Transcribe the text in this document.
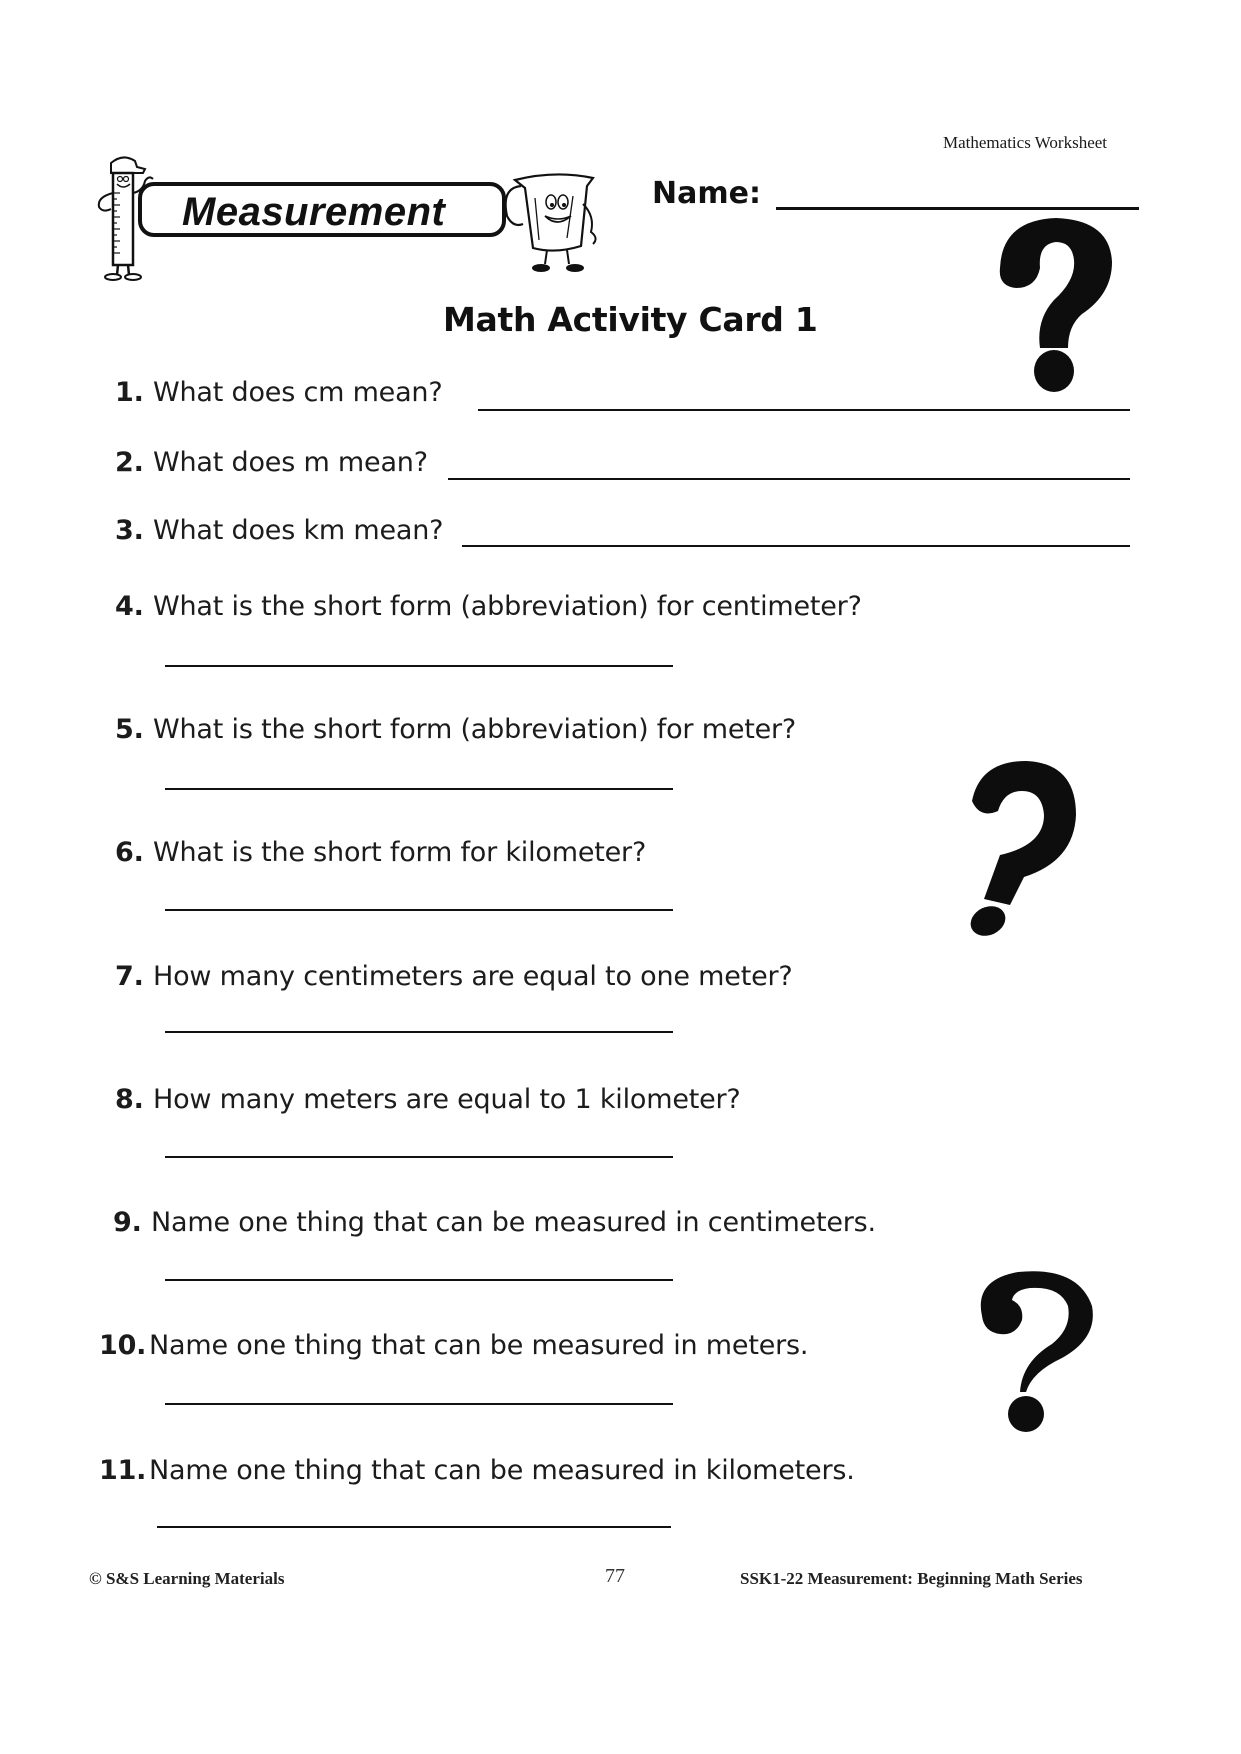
Mathematics Worksheet
Measurement	Name:
Math Activity Card 1
1. What does cm mean?
2. What does m mean?
3. What does km mean?
4. What is the short form (abbreviation) for centimeter?
5. What is the short form (abbreviation) for meter?
6. What is the short form for kilometer?
7. How many centimeters are equal to one meter?
8. How many meters are equal to 1 kilometer?
9. Name one thing that can be measured in centimeters.
10. Name one thing that can be measured in meters.
11. Name one thing that can be measured in kilometers.
© S&S Learning Materials	77	SSK1-22 Measurement: Beginning Math Series
